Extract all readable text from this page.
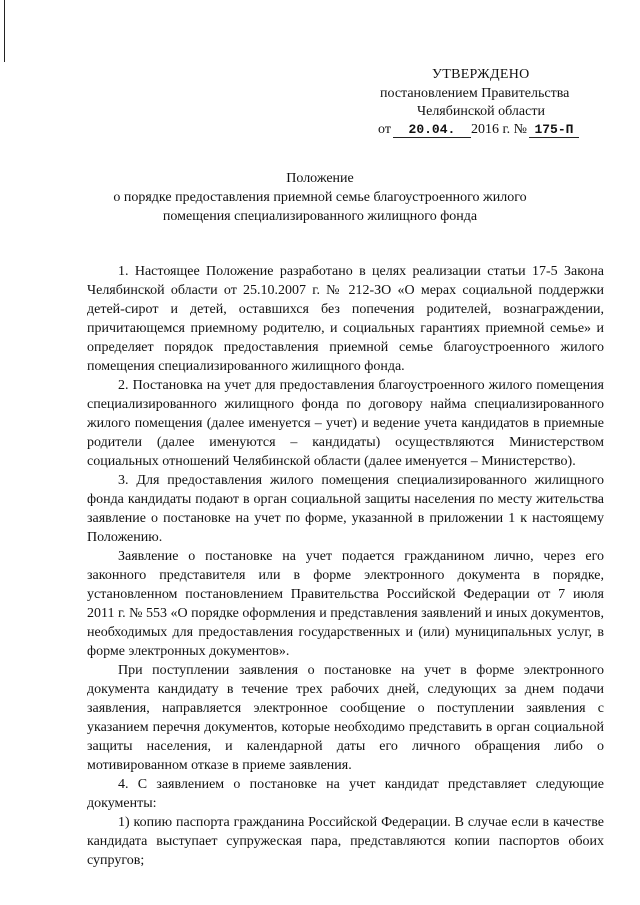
УТВЕРЖДЕНО
постановлением Правительства
Челябинской области
от 20.04. 2016 г. № 175-П
Положение
о порядке предоставления приемной семье благоустроенного жилого
помещения специализированного жилищного фонда

1. Настоящее Положение разработано в целях реализации статьи 17-5 Закона Челябинской области от 25.10.2007 г. № 212-ЗО «О мерах социальной поддержки детей-сирот и детей, оставшихся без попечения родителей, вознаграждении, причитающемся приемному родителю, и социальных гарантиях приемной семье» и определяет порядок предоставления приемной семье благоустроенного жилого помещения специализированного жилищного фонда.

2. Постановка на учет для предоставления благоустроенного жилого помещения специализированного жилищного фонда по договору найма специализированного жилого помещения (далее именуется – учет) и ведение учета кандидатов в приемные родители (далее именуются – кандидаты) осуществляются Министерством социальных отношений Челябинской области (далее именуется – Министерство).

3. Для предоставления жилого помещения специализированного жилищного фонда кандидаты подают в орган социальной защиты населения по месту жительства заявление о постановке на учет по форме, указанной в приложении 1 к настоящему Положению.

Заявление о постановке на учет подается гражданином лично, через его законного представителя или в форме электронного документа в порядке, установленном постановлением Правительства Российской Федерации от 7 июля 2011 г. № 553 «О порядке оформления и представления заявлений и иных документов, необходимых для предоставления государственных и (или) муниципальных услуг, в форме электронных документов».

При поступлении заявления о постановке на учет в форме электронного документа кандидату в течение трех рабочих дней, следующих за днем подачи заявления, направляется электронное сообщение о поступлении заявления с указанием перечня документов, которые необходимо представить в орган социальной защиты населения, и календарной даты его личного обращения либо о мотивированном отказе в приеме заявления.

4. С заявлением о постановке на учет кандидат представляет следующие документы:

1) копию паспорта гражданина Российской Федерации. В случае если в качестве кандидата выступает супружеская пара, представляются копии паспортов обоих супругов;
